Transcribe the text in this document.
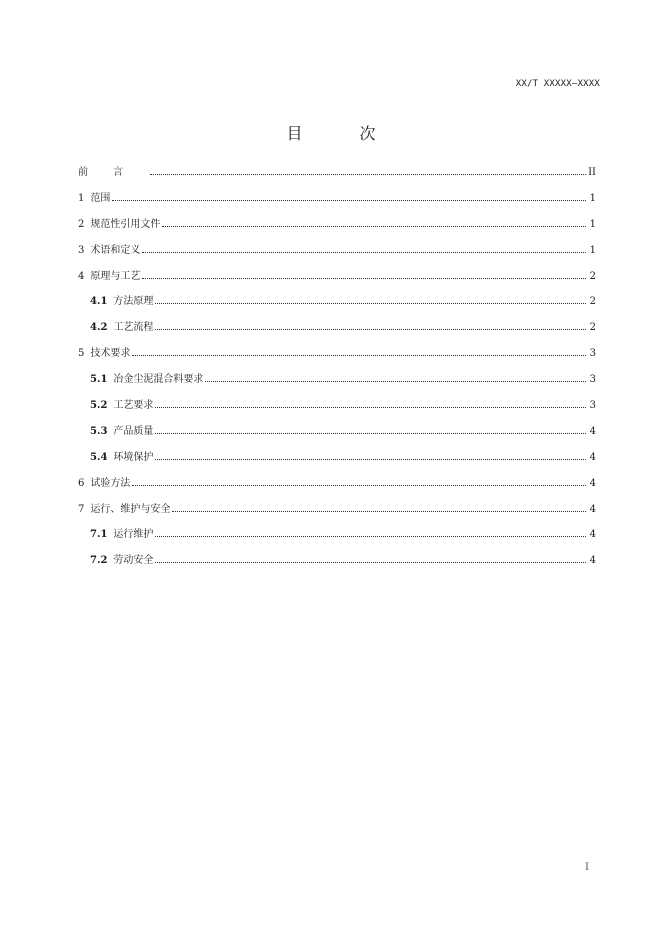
XX/T XXXXX—XXXX
目 次
前言	II
1 范围	1
2 规范性引用文件	1
3 术语和定义	1
4 原理与工艺	2
4.1 方法原理	2
4.2 工艺流程	2
5 技术要求	3
5.1 冶金尘泥混合料要求	3
5.2 工艺要求	3
5.3 产品质量	4
5.4 环境保护	4
6 试验方法	4
7 运行、维护与安全	4
7.1 运行维护	4
7.2 劳动安全	4
I
